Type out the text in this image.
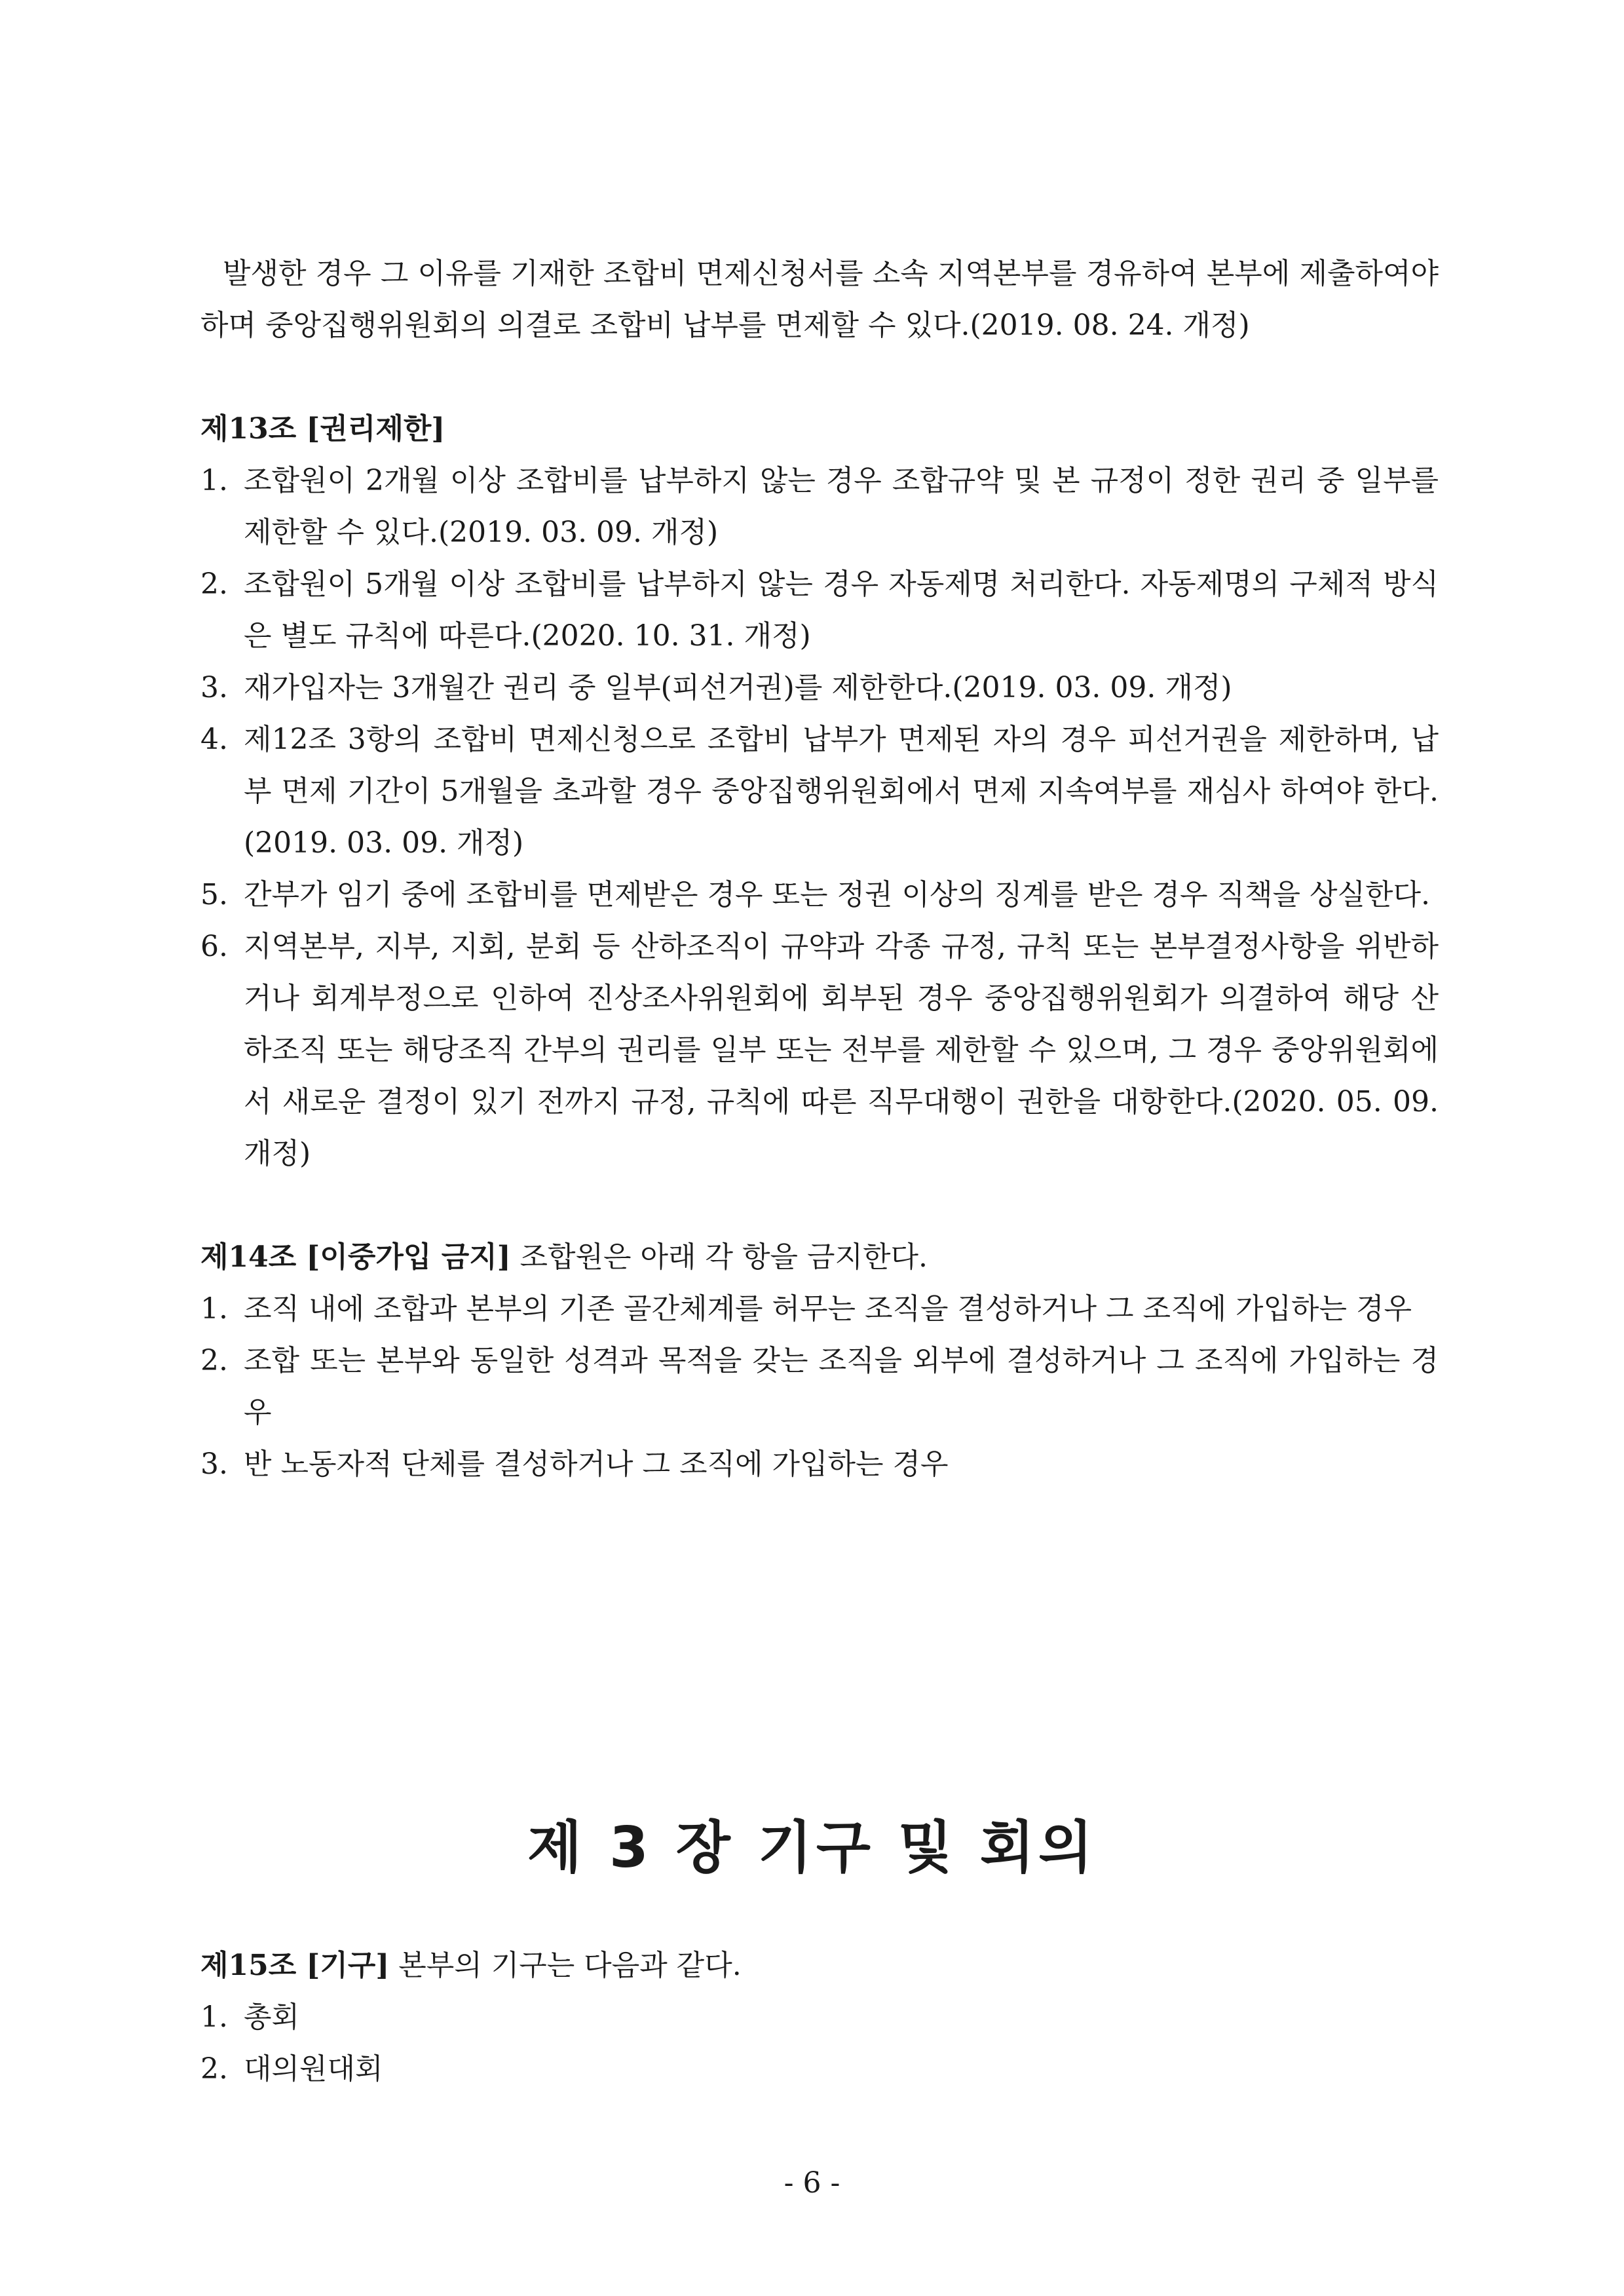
발생한 경우 그 이유를 기재한 조합비 면제신청서를 소속 지역본부를 경유하여 본부에 제출하여야 하며 중앙집행위원회의 의결로 조합비 납부를 면제할 수 있다.(2019. 08. 24. 개정)

제13조 [권리제한]

1. 조합원이 2개월 이상 조합비를 납부하지 않는 경우 조합규약 및 본 규정이 정한 권리 중 일부를 제한할 수 있다.(2019. 03. 09. 개정)
2. 조합원이 5개월 이상 조합비를 납부하지 않는 경우 자동제명 처리한다. 자동제명의 구체적 방식은 별도 규칙에 따른다.(2020. 10. 31. 개정)
3. 재가입자는 3개월간 권리 중 일부(피선거권)를 제한한다.(2019. 03. 09. 개정)
4. 제12조 3항의 조합비 면제신청으로 조합비 납부가 면제된 자의 경우 피선거권을 제한하며, 납부 면제 기간이 5개월을 초과할 경우 중앙집행위원회에서 면제 지속여부를 재심사 하여야 한다.(2019. 03. 09. 개정)
5. 간부가 임기 중에 조합비를 면제받은 경우 또는 정권 이상의 징계를 받은 경우 직책을 상실한다.
6. 지역본부, 지부, 지회, 분회 등 산하조직이 규약과 각종 규정, 규칙 또는 본부결정사항을 위반하거나 회계부정으로 인하여 진상조사위원회에 회부된 경우 중앙집행위원회가 의결하여 해당 산하조직 또는 해당조직 간부의 권리를 일부 또는 전부를 제한할 수 있으며, 그 경우 중앙위원회에서 새로운 결정이 있기 전까지 규정, 규칙에 따른 직무대행이 권한을 대항한다.(2020. 05. 09. 개정)

제14조 [이중가입 금지] 조합원은 아래 각 항을 금지한다.

1. 조직 내에 조합과 본부의 기존 골간체계를 허무는 조직을 결성하거나 그 조직에 가입하는 경우
2. 조합 또는 본부와 동일한 성격과 목적을 갖는 조직을 외부에 결성하거나 그 조직에 가입하는 경우
3. 반 노동자적 단체를 결성하거나 그 조직에 가입하는 경우
제 3 장 기구 및 회의

제15조 [기구] 본부의 기구는 다음과 같다.

1. 총회
2. 대의원대회
- 6 -
